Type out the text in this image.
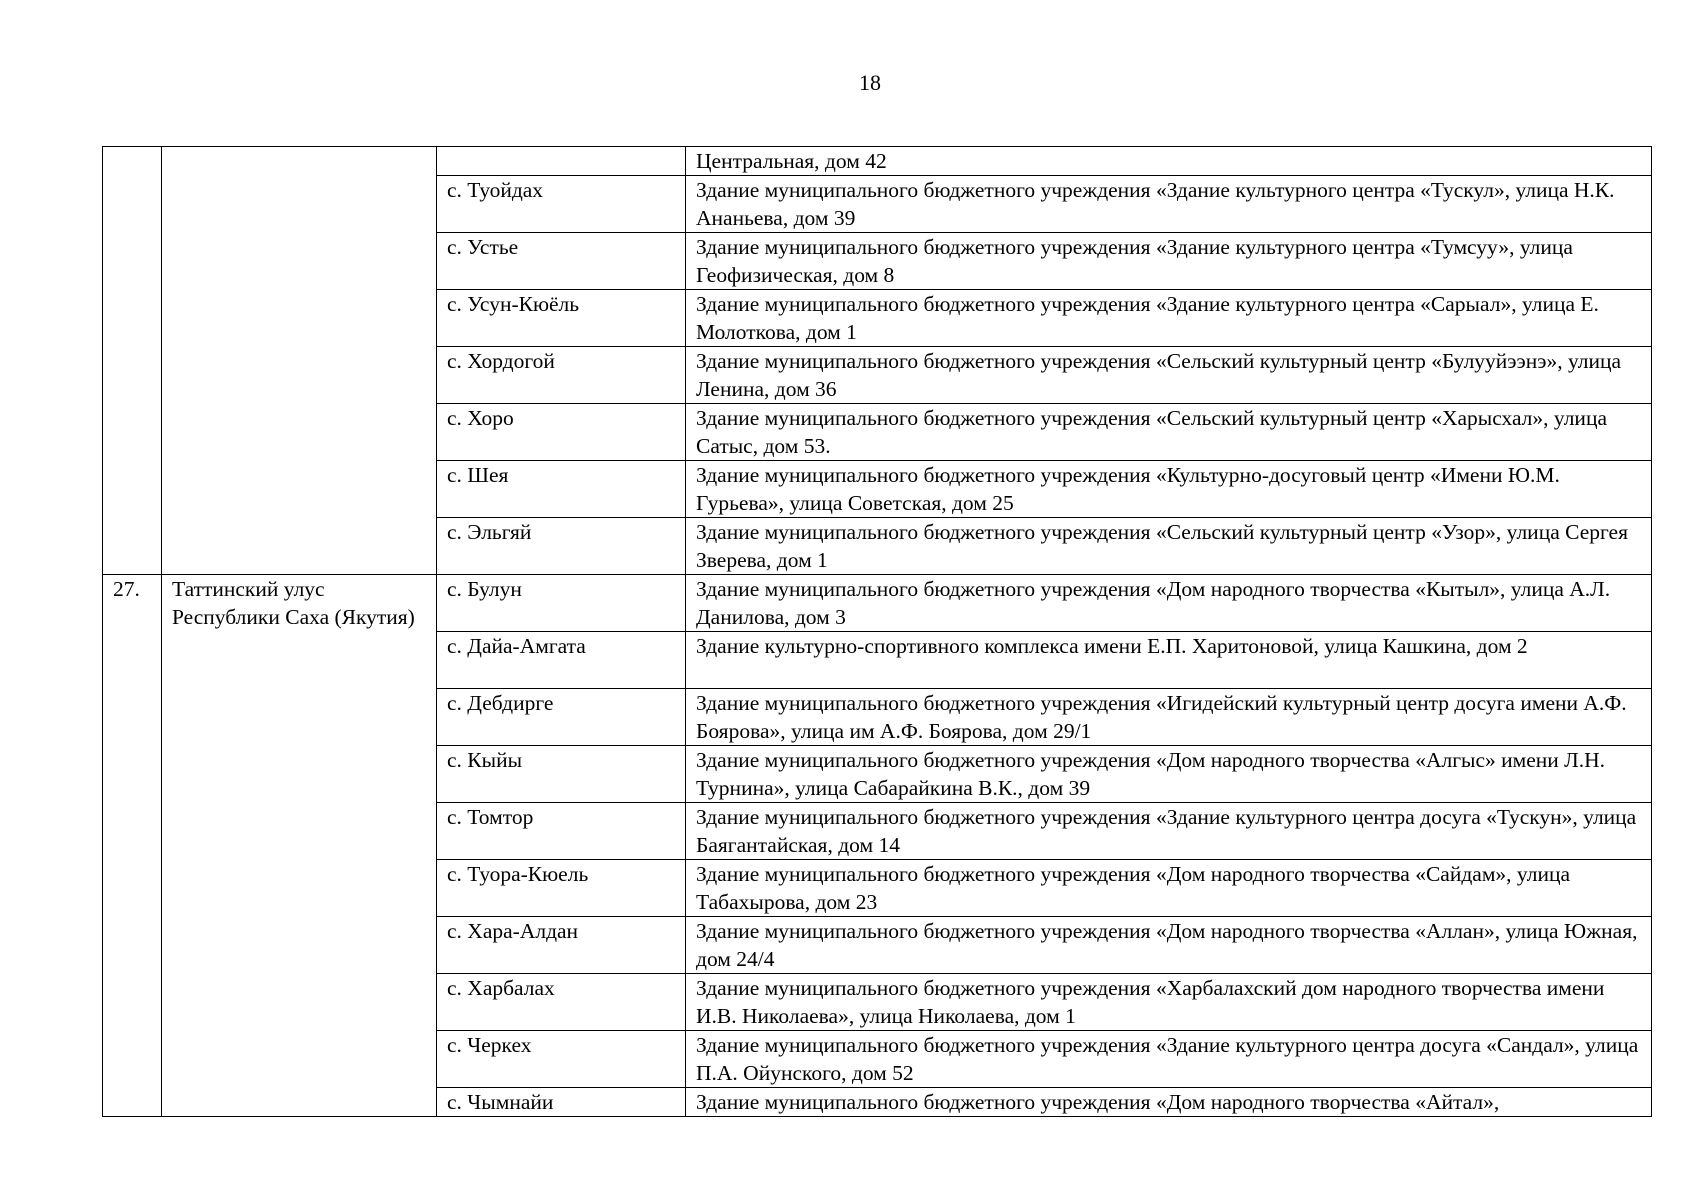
18
			Центральная, дом 42
		с. Туойдах	Здание муниципального бюджетного учреждения «Здание культурного центра «Тускул», улица Н.К. Ананьева, дом 39
		с. Устье	Здание муниципального бюджетного учреждения «Здание культурного центра «Тумсуу», улица Геофизическая, дом 8
		с. Усун-Кюёль	Здание муниципального бюджетного учреждения «Здание культурного центра «Сарыал», улица Е. Молоткова, дом 1
		с. Хордогой	Здание муниципального бюджетного учреждения «Сельский культурный центр «Булууйээнэ», улица Ленина, дом 36
		с. Хоро	Здание муниципального бюджетного учреждения «Сельский культурный центр «Харысхал», улица Сатыс, дом 53.
		с. Шея	Здание муниципального бюджетного учреждения «Культурно-досуговый центр «Имени Ю.М. Гурьева», улица Советская, дом 25
		с. Эльгяй	Здание муниципального бюджетного учреждения «Сельский культурный центр «Узор», улица Сергея Зверева, дом 1
27.	Таттинский улус Республики Саха (Якутия)	с. Булун	Здание муниципального бюджетного учреждения «Дом народного творчества «Кытыл», улица А.Л. Данилова, дом 3
		с. Дайа-Амгата	Здание культурно-спортивного комплекса имени Е.П. Харитоновой, улица Кашкина, дом 2
		с. Дебдирге	Здание муниципального бюджетного учреждения «Игидейский культурный центр досуга имени А.Ф. Боярова», улица им А.Ф. Боярова, дом 29/1
		с. Кыйы	Здание муниципального бюджетного учреждения «Дом народного творчества «Алгыс» имени Л.Н. Турнина», улица Сабарайкина В.К., дом 39
		с. Томтор	Здание муниципального бюджетного учреждения «Здание культурного центра досуга «Тускун», улица Баягантайская, дом 14
		с. Туора-Кюель	Здание муниципального бюджетного учреждения «Дом народного творчества «Сайдам», улица Табахырова, дом 23
		с. Хара-Алдан	Здание муниципального бюджетного учреждения «Дом народного творчества «Аллан», улица Южная, дом 24/4
		с. Харбалах	Здание муниципального бюджетного учреждения «Харбалахский дом народного творчества имени И.В. Николаева», улица Николаева, дом 1
		с. Черкех	Здание муниципального бюджетного учреждения «Здание культурного центра досуга «Сандал», улица П.А. Ойунского, дом 52
		с. Чымнайи	Здание муниципального бюджетного учреждения «Дом народного творчества «Айтал»,
